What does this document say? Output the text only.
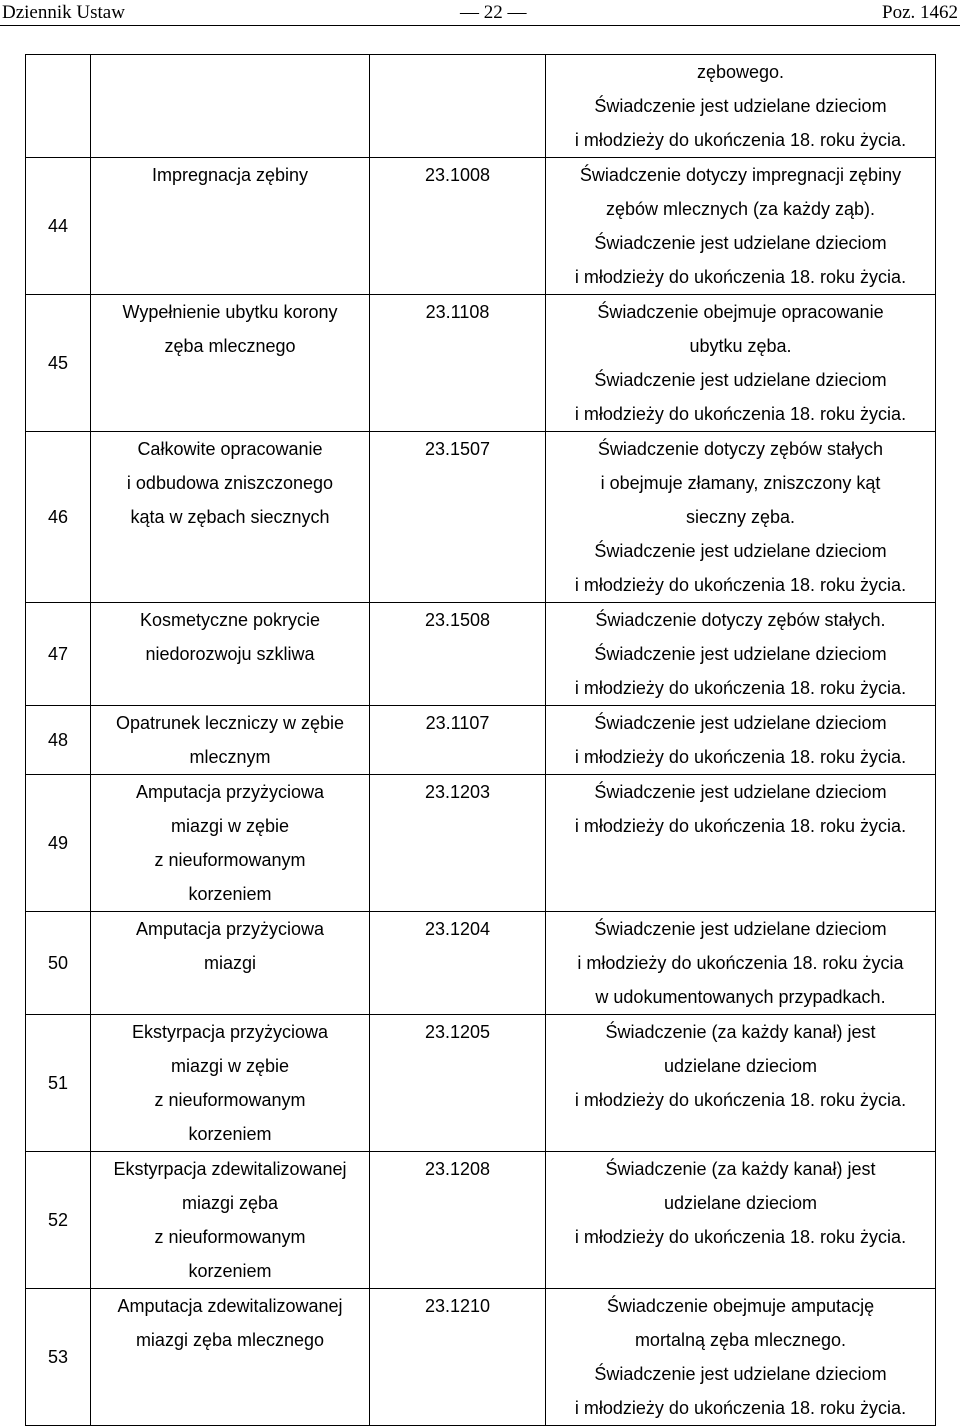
Dziennik Ustaw	— 22 —	Poz. 1462

			zębowego.
Świadczenie jest udzielane dzieciom
i młodzieży do ukończenia 18. roku życia.

44	Impregnacja zębiny	23.1008	Świadczenie dotyczy impregnacji zębiny
zębów mlecznych (za każdy ząb).
Świadczenie jest udzielane dzieciom
i młodzieży do ukończenia 18. roku życia.

45	Wypełnienie ubytku korony
zęba mlecznego	23.1108	Świadczenie obejmuje opracowanie
ubytku zęba.
Świadczenie jest udzielane dzieciom
i młodzieży do ukończenia 18. roku życia.

46	Całkowite opracowanie
i odbudowa zniszczonego
kąta w zębach siecznych	23.1507	Świadczenie dotyczy zębów stałych
i obejmuje złamany, zniszczony kąt
sieczny zęba.
Świadczenie jest udzielane dzieciom
i młodzieży do ukończenia 18. roku życia.

47	Kosmetyczne pokrycie
niedorozwoju szkliwa	23.1508	Świadczenie dotyczy zębów stałych.
Świadczenie jest udzielane dzieciom
i młodzieży do ukończenia 18. roku życia.

48	Opatrunek leczniczy w zębie
mlecznym	23.1107	Świadczenie jest udzielane dzieciom
i młodzieży do ukończenia 18. roku życia.

49	Amputacja przyżyciowa
miazgi w zębie
z nieuformowanym
korzeniem	23.1203	Świadczenie jest udzielane dzieciom
i młodzieży do ukończenia 18. roku życia.

50	Amputacja przyżyciowa
miazgi	23.1204	Świadczenie jest udzielane dzieciom
i młodzieży do ukończenia 18. roku życia
w udokumentowanych przypadkach.

51	Ekstyrpacja przyżyciowa
miazgi w zębie
z nieuformowanym
korzeniem	23.1205	Świadczenie (za każdy kanał) jest
udzielane dzieciom
i młodzieży do ukończenia 18. roku życia.

52	Ekstyrpacja zdewitalizowanej
miazgi zęba
z nieuformowanym
korzeniem	23.1208	Świadczenie (za każdy kanał) jest
udzielane dzieciom
i młodzieży do ukończenia 18. roku życia.

53	Amputacja zdewitalizowanej
miazgi zęba mlecznego	23.1210	Świadczenie obejmuje amputację
mortalną zęba mlecznego.
Świadczenie jest udzielane dzieciom
i młodzieży do ukończenia 18. roku życia.
